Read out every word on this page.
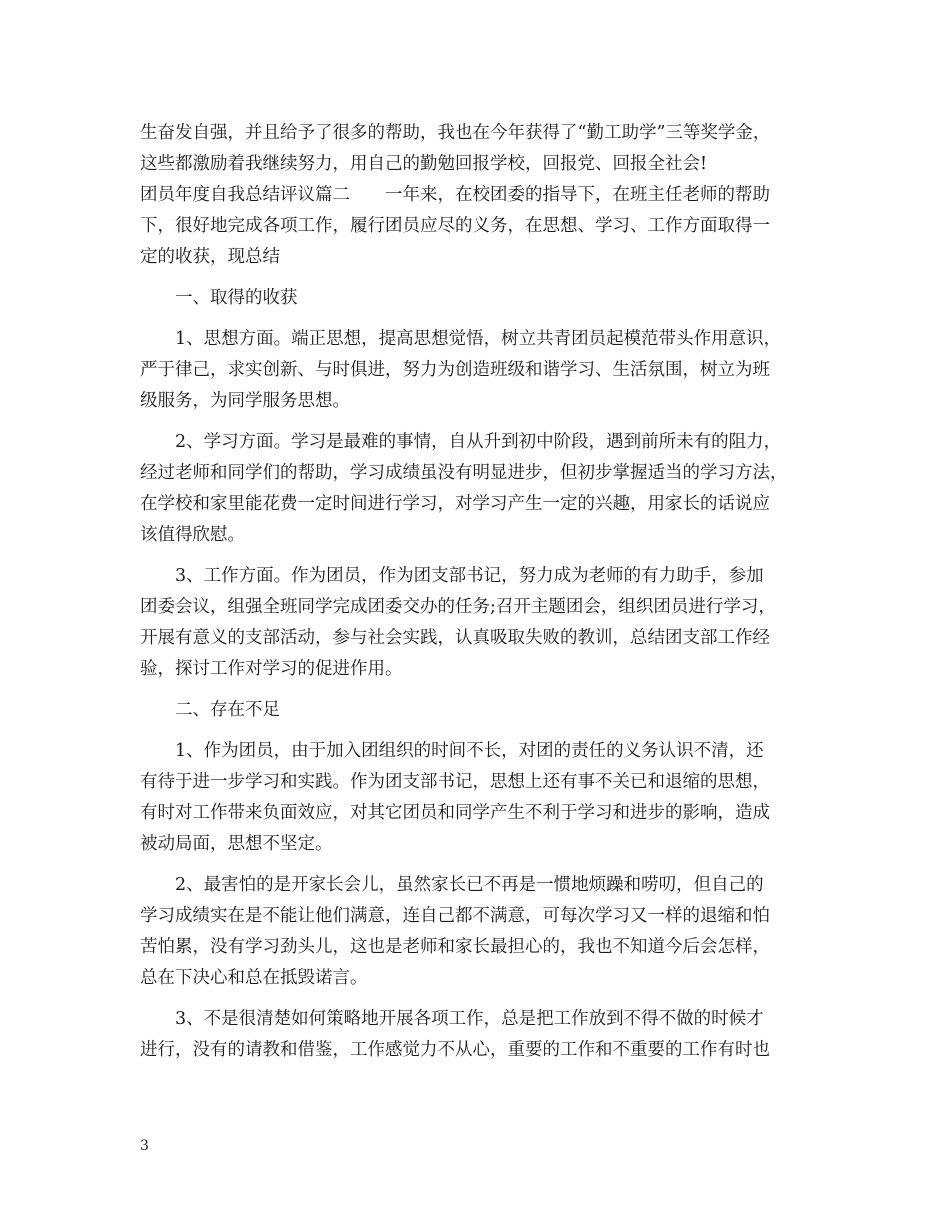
生奋发自强，并且给予了很多的帮助，我也在今年获得了“勤工助学”三等奖学金，
这些都激励着我继续努力，用自己的勤勉回报学校，回报党、回报全社会!
团员年度自我总结评议篇二　　一年来，在校团委的指导下，在班主任老师的帮助
下，很好地完成各项工作，履行团员应尽的义务，在思想、学习、工作方面取得一
定的收获，现总结
　　一、取得的收获
　　1、思想方面。端正思想，提高思想觉悟，树立共青团员起模范带头作用意识，
严于律己，求实创新、与时俱进，努力为创造班级和谐学习、生活氛围，树立为班
级服务，为同学服务思想。
　　2、学习方面。学习是最难的事情，自从升到初中阶段，遇到前所未有的阻力，
经过老师和同学们的帮助，学习成绩虽没有明显进步，但初步掌握适当的学习方法，
在学校和家里能花费一定时间进行学习，对学习产生一定的兴趣，用家长的话说应
该值得欣慰。
　　3、工作方面。作为团员，作为团支部书记，努力成为老师的有力助手，参加
团委会议，组强全班同学完成团委交办的任务;召开主题团会，组织团员进行学习，
开展有意义的支部活动，参与社会实践，认真吸取失败的教训，总结团支部工作经
验，探讨工作对学习的促进作用。
　　二、存在不足
　　1、作为团员，由于加入团组织的时间不长，对团的责任的义务认识不清，还
有待于进一步学习和实践。作为团支部书记，思想上还有事不关已和退缩的思想，
有时对工作带来负面效应，对其它团员和同学产生不利于学习和进步的影响，造成
被动局面，思想不坚定。
　　2、最害怕的是开家长会儿，虽然家长已不再是一惯地烦躁和唠叨，但自己的
学习成绩实在是不能让他们满意，连自己都不满意，可每次学习又一样的退缩和怕
苦怕累，没有学习劲头儿，这也是老师和家长最担心的，我也不知道今后会怎样，
总在下决心和总在抵毁诺言。
　　3、不是很清楚如何策略地开展各项工作，总是把工作放到不得不做的时候才
进行，没有的请教和借鉴，工作感觉力不从心，重要的工作和不重要的工作有时也
3
